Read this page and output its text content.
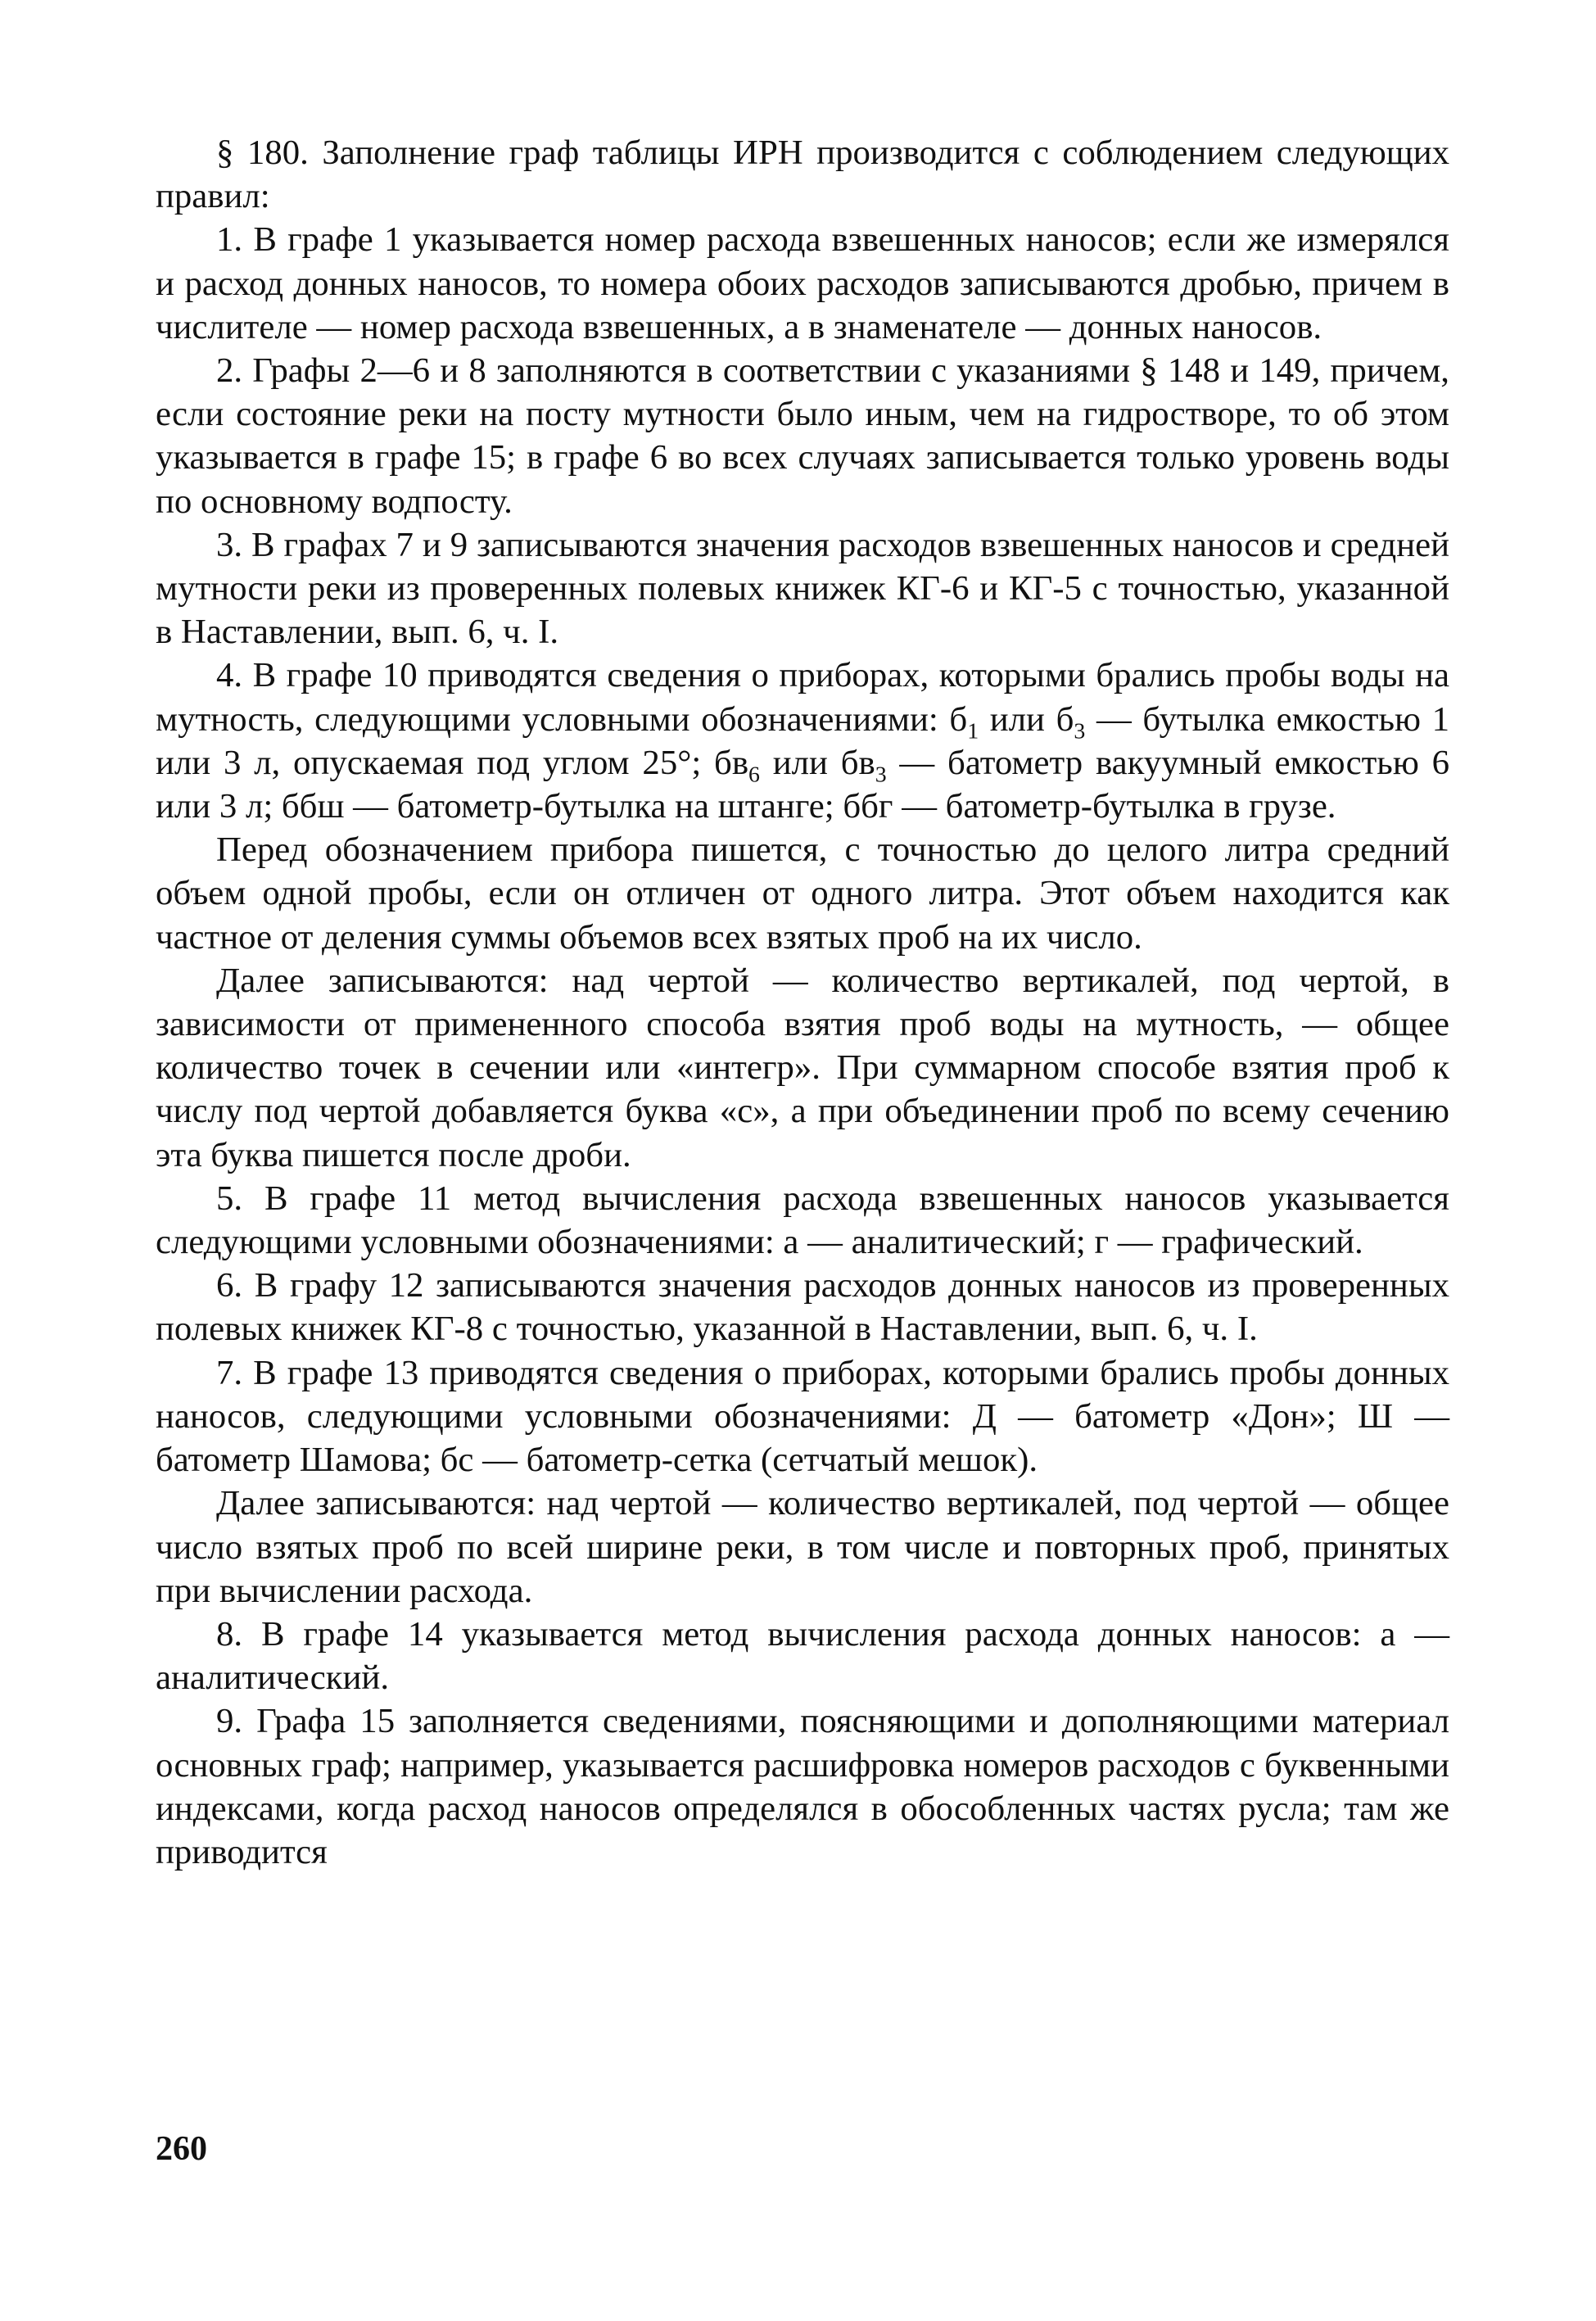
§ 180. Заполнение граф таблицы ИРН производится с соблюдением следующих правил:

1. В графе 1 указывается номер расхода взвешенных наносов; если же измерялся и расход донных наносов, то номера обоих расходов записываются дробью, причем в числителе — номер расхода взвешенных, а в знаменателе — донных наносов.

2. Графы 2—6 и 8 заполняются в соответствии с указаниями § 148 и 149, причем, если состояние реки на посту мутности было иным, чем на гидростворе, то об этом указывается в графе 15; в графе 6 во всех случаях записывается только уровень воды по основному водпосту.

3. В графах 7 и 9 записываются значения расходов взвешенных наносов и средней мутности реки из проверенных полевых книжек КГ-6 и КГ-5 с точностью, указанной в Наставлении, вып. 6, ч. I.

4. В графе 10 приводятся сведения о приборах, которыми брались пробы воды на мутность, следующими условными обозначениями: $б_1$ или $б_3$ — бутылка емкостью 1 или 3 л, опускаемая под углом 25°; $бв_6$ или $бв_3$ — батометр вакуумный емкостью 6 или 3 л; ббш — батометр-бутылка на штанге; ббг — батометр-бутылка в грузе.

Перед обозначением прибора пишется, с точностью до целого литра средний объем одной пробы, если он отличен от одного литра. Этот объем находится как частное от деления суммы объемов всех взятых проб на их число.

Далее записываются: над чертой — количество вертикалей, под чертой, в зависимости от примененного способа взятия проб воды на мутность, — общее количество точек в сечении или «интегр». При суммарном способе взятия проб к числу под чертой добавляется буква «с», а при объединении проб по всему сечению эта буква пишется после дроби.

5. В графе 11 метод вычисления расхода взвешенных наносов указывается следующими условными обозначениями: а — аналитический; г — графический.

6. В графу 12 записываются значения расходов донных наносов из проверенных полевых книжек КГ-8 с точностью, указанной в Наставлении, вып. 6, ч. I.

7. В графе 13 приводятся сведения о приборах, которыми брались пробы донных наносов, следующими условными обозначениями: Д — батометр «Дон»; Ш — батометр Шамова; бс — батометр-сетка (сетчатый мешок).

Далее записываются: над чертой — количество вертикалей, под чертой — общее число взятых проб по всей ширине реки, в том числе и повторных проб, принятых при вычислении расхода.

8. В графе 14 указывается метод вычисления расхода донных наносов: а — аналитический.

9. Графа 15 заполняется сведениями, поясняющими и дополняющими материал основных граф; например, указывается расшифровка номеров расходов с буквенными индексами, когда расход наносов определялся в обособленных частях русла; там же приводится

260
